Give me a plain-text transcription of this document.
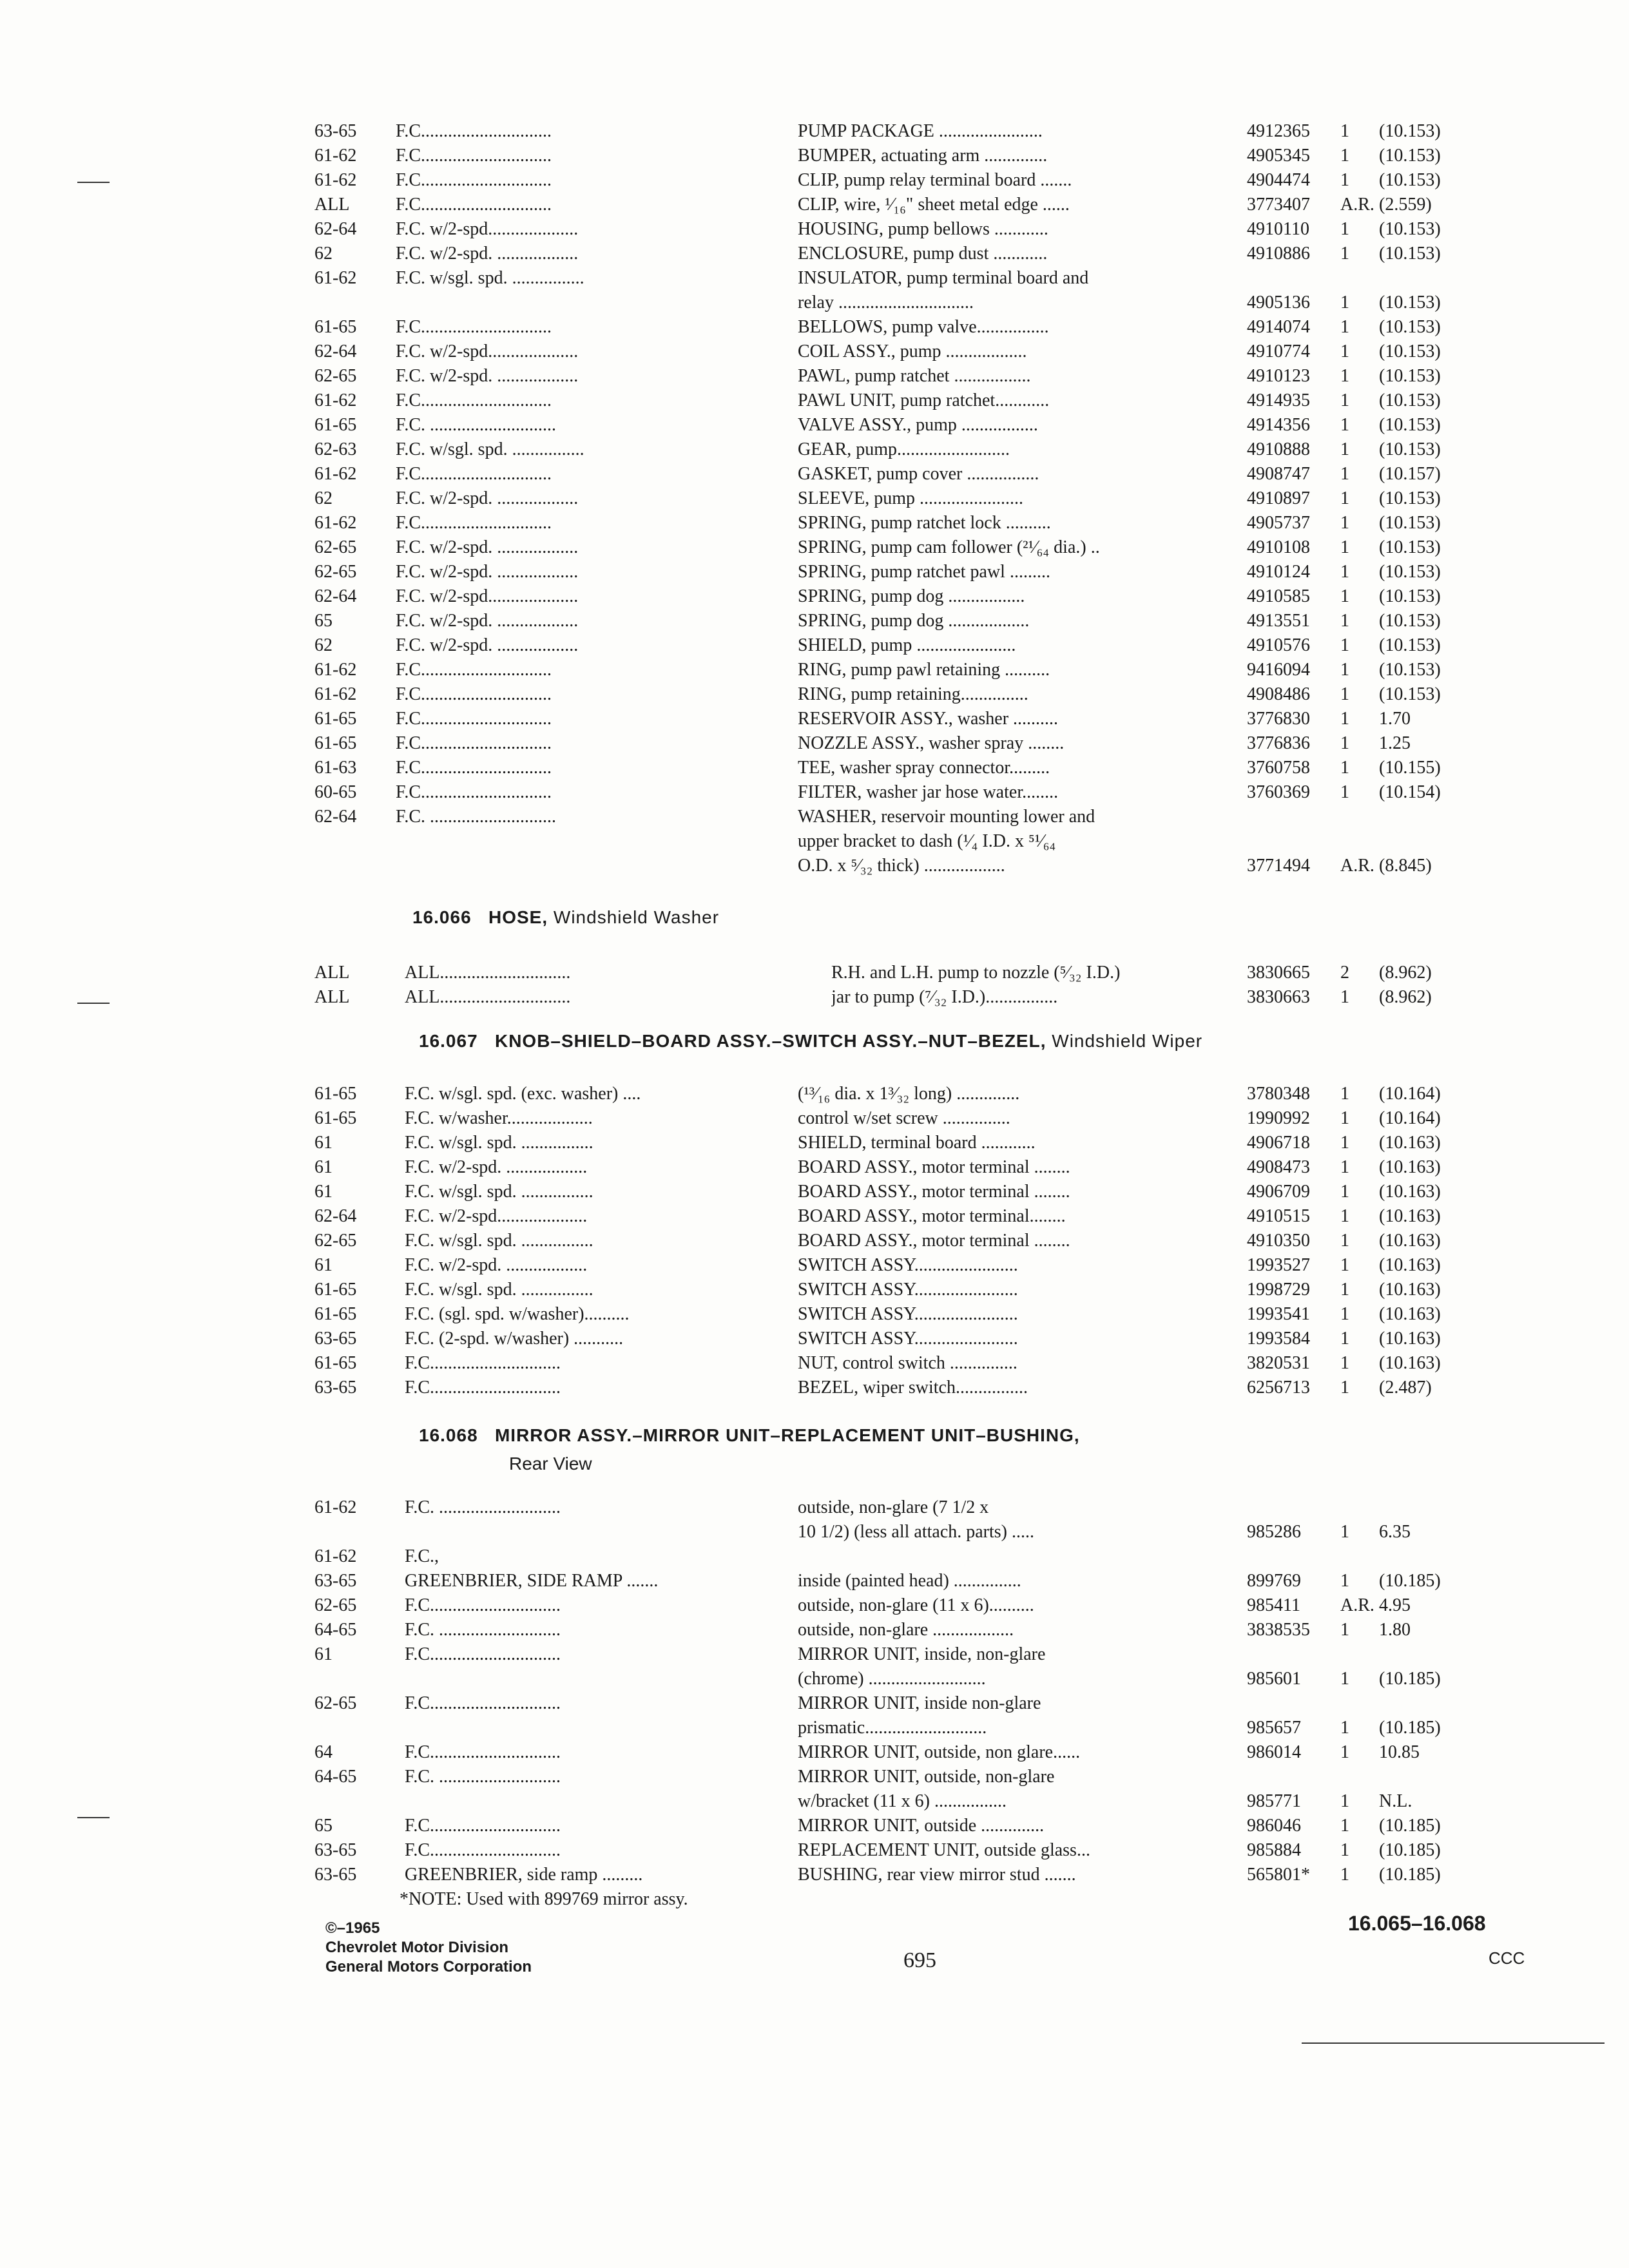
63-65	F.C.............................	PUMP PACKAGE .......................	4912365	1	(10.153)
61-62	F.C.............................	BUMPER, actuating arm ..............	4905345	1	(10.153)
61-62	F.C.............................	CLIP, pump relay terminal board .......	4904474	1	(10.153)
ALL	F.C.............................	CLIP, wire, ¹⁄₁₆" sheet metal edge ......	3773407	A.R. (2.559)
62-64	F.C. w/2-spd....................	HOUSING, pump bellows ............	4910110	1	(10.153)
62	F.C. w/2-spd. ..................	ENCLOSURE, pump dust ............	4910886	1	(10.153)
61-62	F.C. w/sgl. spd. ................	INSULATOR, pump terminal board and
relay ..............................	4905136	1	(10.153)
61-65	F.C.............................	BELLOWS, pump valve................	4914074	1	(10.153)
62-64	F.C. w/2-spd....................	COIL ASSY., pump ..................	4910774	1	(10.153)
62-65	F.C. w/2-spd. ..................	PAWL, pump ratchet .................	4910123	1	(10.153)
61-62	F.C.............................	PAWL UNIT, pump ratchet............	4914935	1	(10.153)
61-65	F.C. ............................	VALVE ASSY., pump .................	4914356	1	(10.153)
62-63	F.C. w/sgl. spd. ................	GEAR, pump.........................	4910888	1	(10.153)
61-62	F.C.............................	GASKET, pump cover ................	4908747	1	(10.157)
62	F.C. w/2-spd. ..................	SLEEVE, pump .......................	4910897	1	(10.153)
61-62	F.C.............................	SPRING, pump ratchet lock ..........	4905737	1	(10.153)
62-65	F.C. w/2-spd. ..................	SPRING, pump cam follower (²¹⁄₆₄ dia.) ..	4910108	1	(10.153)
62-65	F.C. w/2-spd. ..................	SPRING, pump ratchet pawl .........	4910124	1	(10.153)
62-64	F.C. w/2-spd....................	SPRING, pump dog .................	4910585	1	(10.153)
65	F.C. w/2-spd. ..................	SPRING, pump dog ..................	4913551	1	(10.153)
62	F.C. w/2-spd. ..................	SHIELD, pump ......................	4910576	1	(10.153)
61-62	F.C.............................	RING, pump pawl retaining ..........	9416094	1	(10.153)
61-62	F.C.............................	RING, pump retaining...............	4908486	1	(10.153)
61-65	F.C.............................	RESERVOIR ASSY., washer ..........	3776830	1	1.70
61-65	F.C.............................	NOZZLE ASSY., washer spray ........	3776836	1	1.25
61-63	F.C.............................	TEE, washer spray connector.........	3760758	1	(10.155)
60-65	F.C.............................	FILTER, washer jar hose water........	3760369	1	(10.154)
62-64	F.C. ............................	WASHER, reservoir mounting lower and
upper bracket to dash (¹⁄₄ I.D. x ⁵¹⁄₆₄
O.D. x ⁵⁄₃₂ thick) ..................	3771494	A.R. (8.845)
16.066 HOSE, Windshield Washer
ALL	ALL.............................	R.H. and L.H. pump to nozzle (⁵⁄₃₂ I.D.)	3830665	2	(8.962)
ALL	ALL.............................	jar to pump (⁷⁄₃₂ I.D.)................	3830663	1	(8.962)
16.067 KNOB–SHIELD–BOARD ASSY.–SWITCH ASSY.–NUT–BEZEL, Windshield Wiper
61-65	F.C. w/sgl. spd. (exc. washer) ....	(¹³⁄₁₆ dia. x 1³⁄₃₂ long) ..............	3780348	1	(10.164)
61-65	F.C. w/washer...................	control w/set screw ...............	1990992	1	(10.164)
61	F.C. w/sgl. spd. ................	SHIELD, terminal board ............	4906718	1	(10.163)
61	F.C. w/2-spd. ..................	BOARD ASSY., motor terminal ........	4908473	1	(10.163)
61	F.C. w/sgl. spd. ................	BOARD ASSY., motor terminal ........	4906709	1	(10.163)
62-64	F.C. w/2-spd....................	BOARD ASSY., motor terminal........	4910515	1	(10.163)
62-65	F.C. w/sgl. spd. ................	BOARD ASSY., motor terminal ........	4910350	1	(10.163)
61	F.C. w/2-spd. ..................	SWITCH ASSY.......................	1993527	1	(10.163)
61-65	F.C. w/sgl. spd. ................	SWITCH ASSY.......................	1998729	1	(10.163)
61-65	F.C. (sgl. spd. w/washer)..........	SWITCH ASSY.......................	1993541	1	(10.163)
63-65	F.C. (2-spd. w/washer) ...........	SWITCH ASSY.......................	1993584	1	(10.163)
61-65	F.C.............................	NUT, control switch ...............	3820531	1	(10.163)
63-65	F.C.............................	BEZEL, wiper switch................	6256713	1	(2.487)
16.068 MIRROR ASSY.–MIRROR UNIT–REPLACEMENT UNIT–BUSHING,
Rear View
61-62	F.C. ...........................	outside, non-glare (7 1/2 x
10 1/2) (less all attach. parts) .....	985286	1	6.35
61-62	F.C.,
63-65	GREENBRIER, SIDE RAMP .......	inside (painted head) ...............	899769	1	(10.185)
62-65	F.C.............................	outside, non-glare (11 x 6)..........	985411	A.R. 4.95
64-65	F.C. ...........................	outside, non-glare ..................	3838535	1	1.80
61	F.C.............................	MIRROR UNIT, inside, non-glare
(chrome) ..........................	985601	1	(10.185)
62-65	F.C.............................	MIRROR UNIT, inside non-glare
prismatic...........................	985657	1	(10.185)
64	F.C.............................	MIRROR UNIT, outside, non glare......	986014	1	10.85
64-65	F.C. ...........................	MIRROR UNIT, outside, non-glare
w/bracket (11 x 6) ................	985771	1	N.L.
65	F.C.............................	MIRROR UNIT, outside ..............	986046	1	(10.185)
63-65	F.C.............................	REPLACEMENT UNIT, outside glass...	985884	1	(10.185)
63-65	GREENBRIER, side ramp .........	BUSHING, rear view mirror stud .......	565801*	1	(10.185)
*NOTE: Used with 899769 mirror assy.
©–1965
Chevrolet Motor Division
General Motors Corporation	695
16.065–16.068
CCC
